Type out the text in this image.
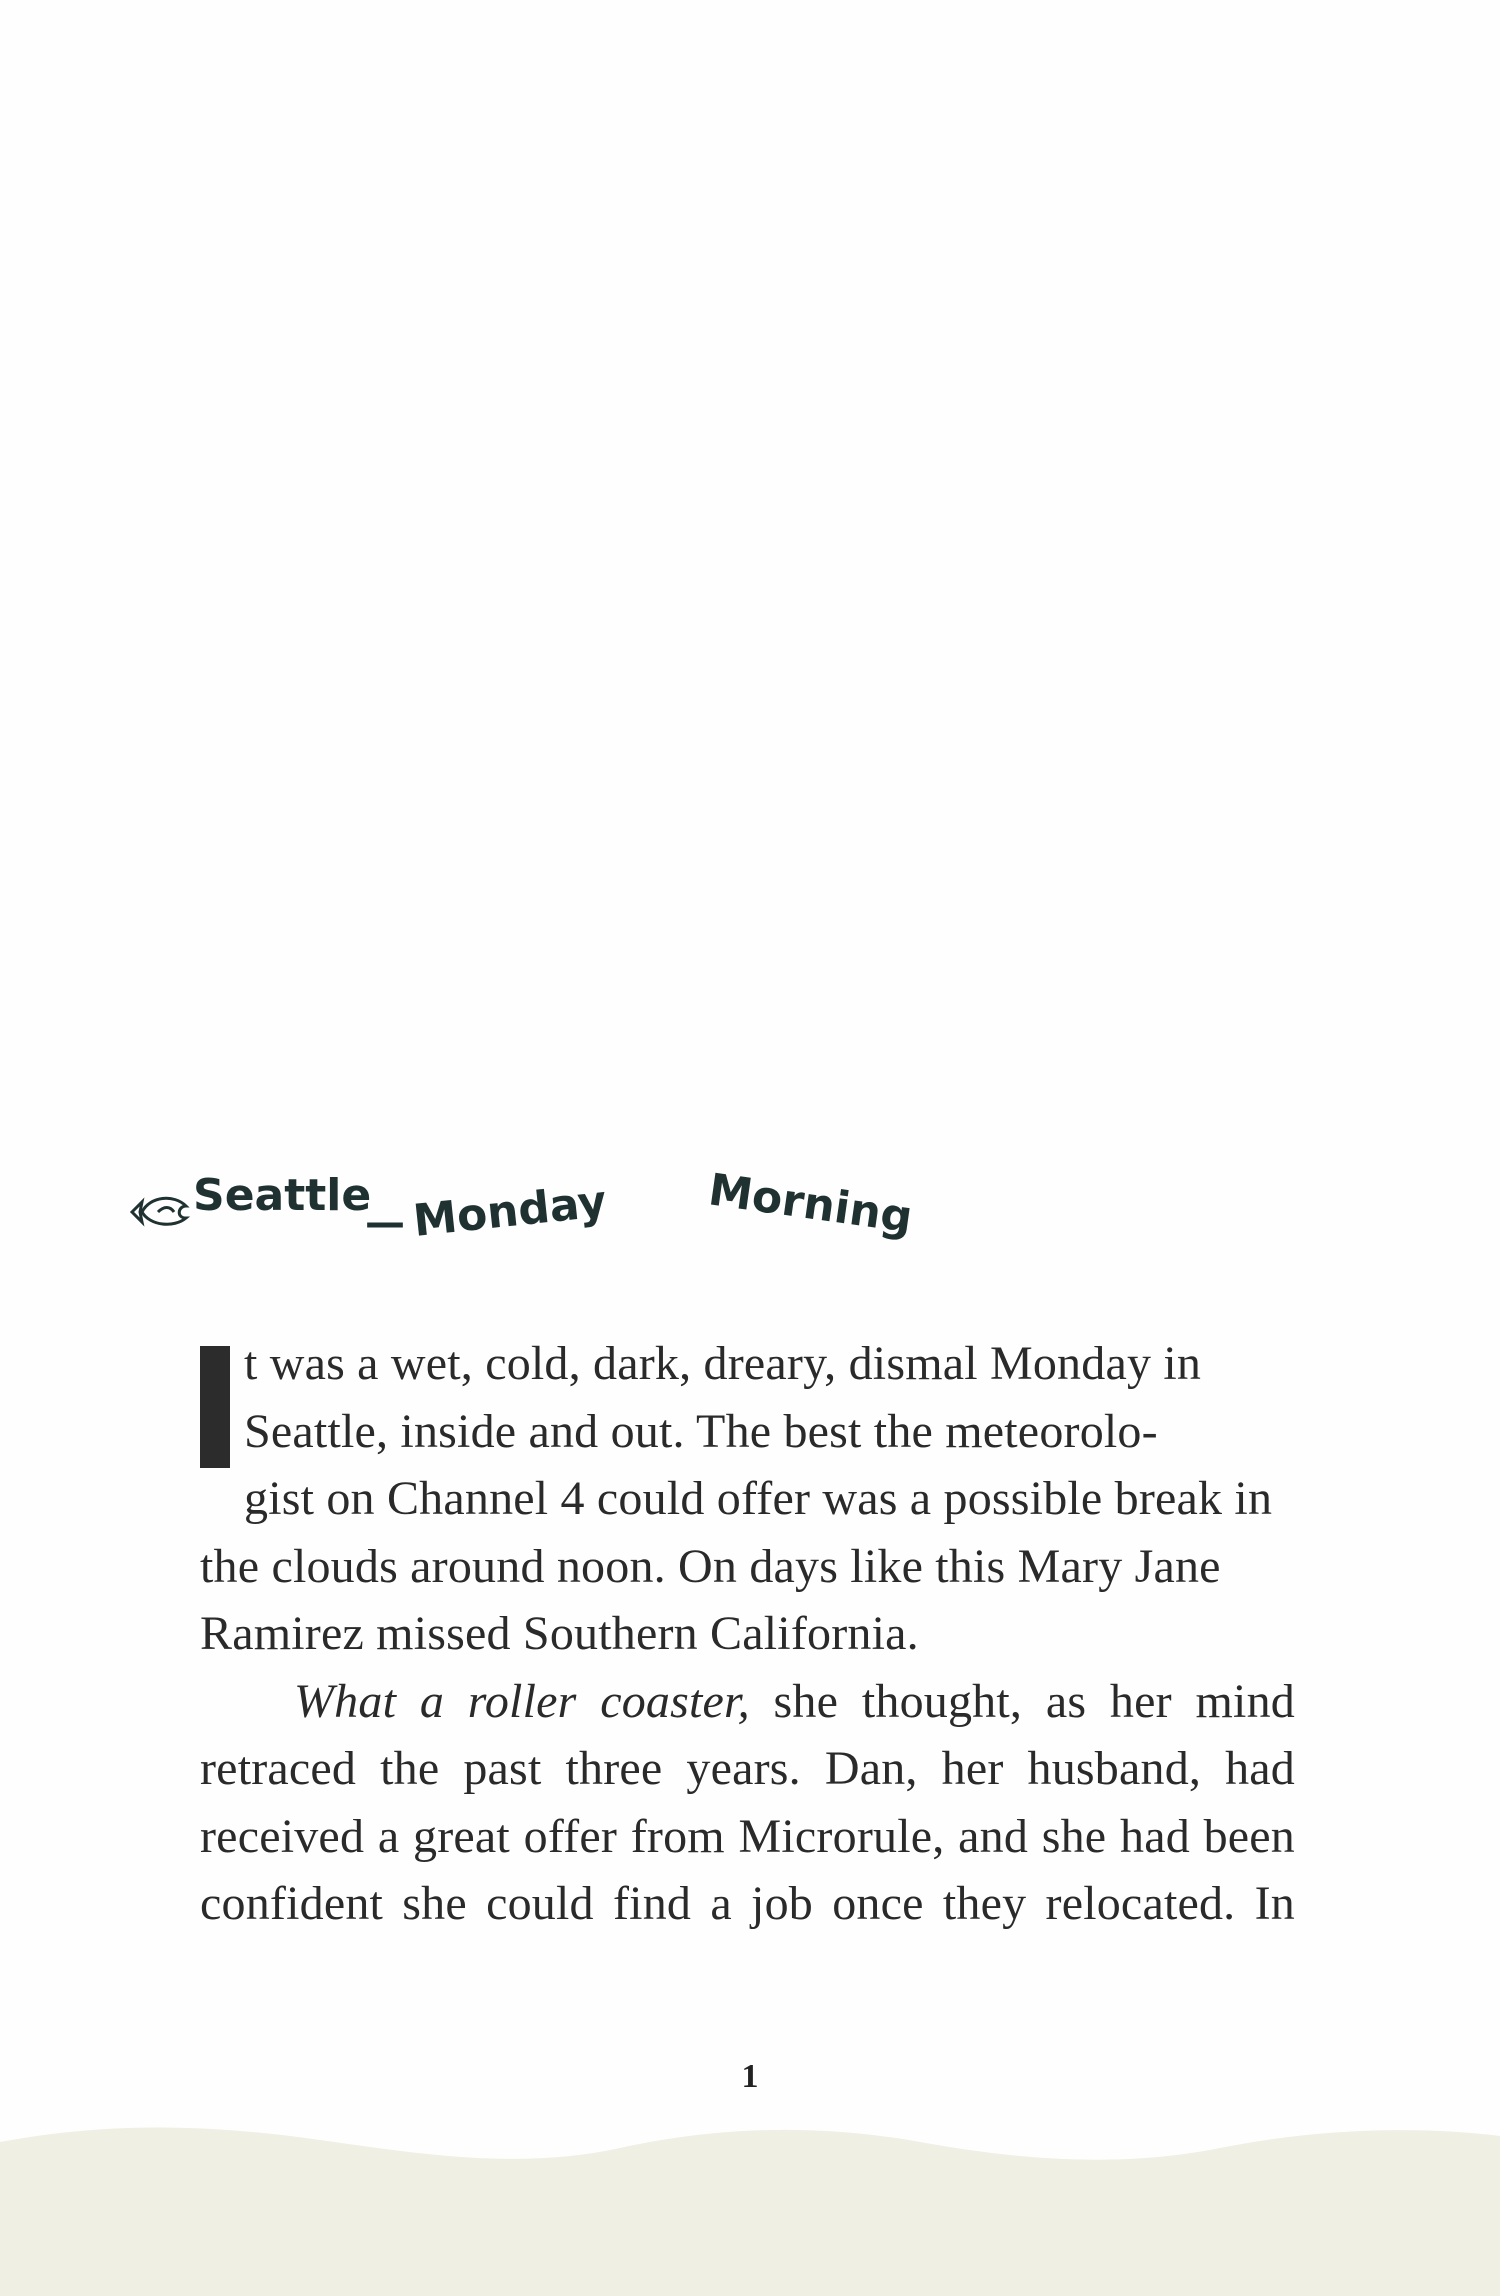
Seattle
— Monday Morning

t was a wet, cold, dark, dreary, dismal Monday in
Seattle, inside and out. The best the meteorolo-
gist on Channel 4 could offer was a possible break in
the clouds around noon. On days like this Mary Jane
Ramirez missed Southern California.

What a roller coaster, she thought, as her mind
retraced the past three years. Dan, her husband, had
received a great offer from Microrule, and she had been
confident she could find a job once they relocated. In

1
